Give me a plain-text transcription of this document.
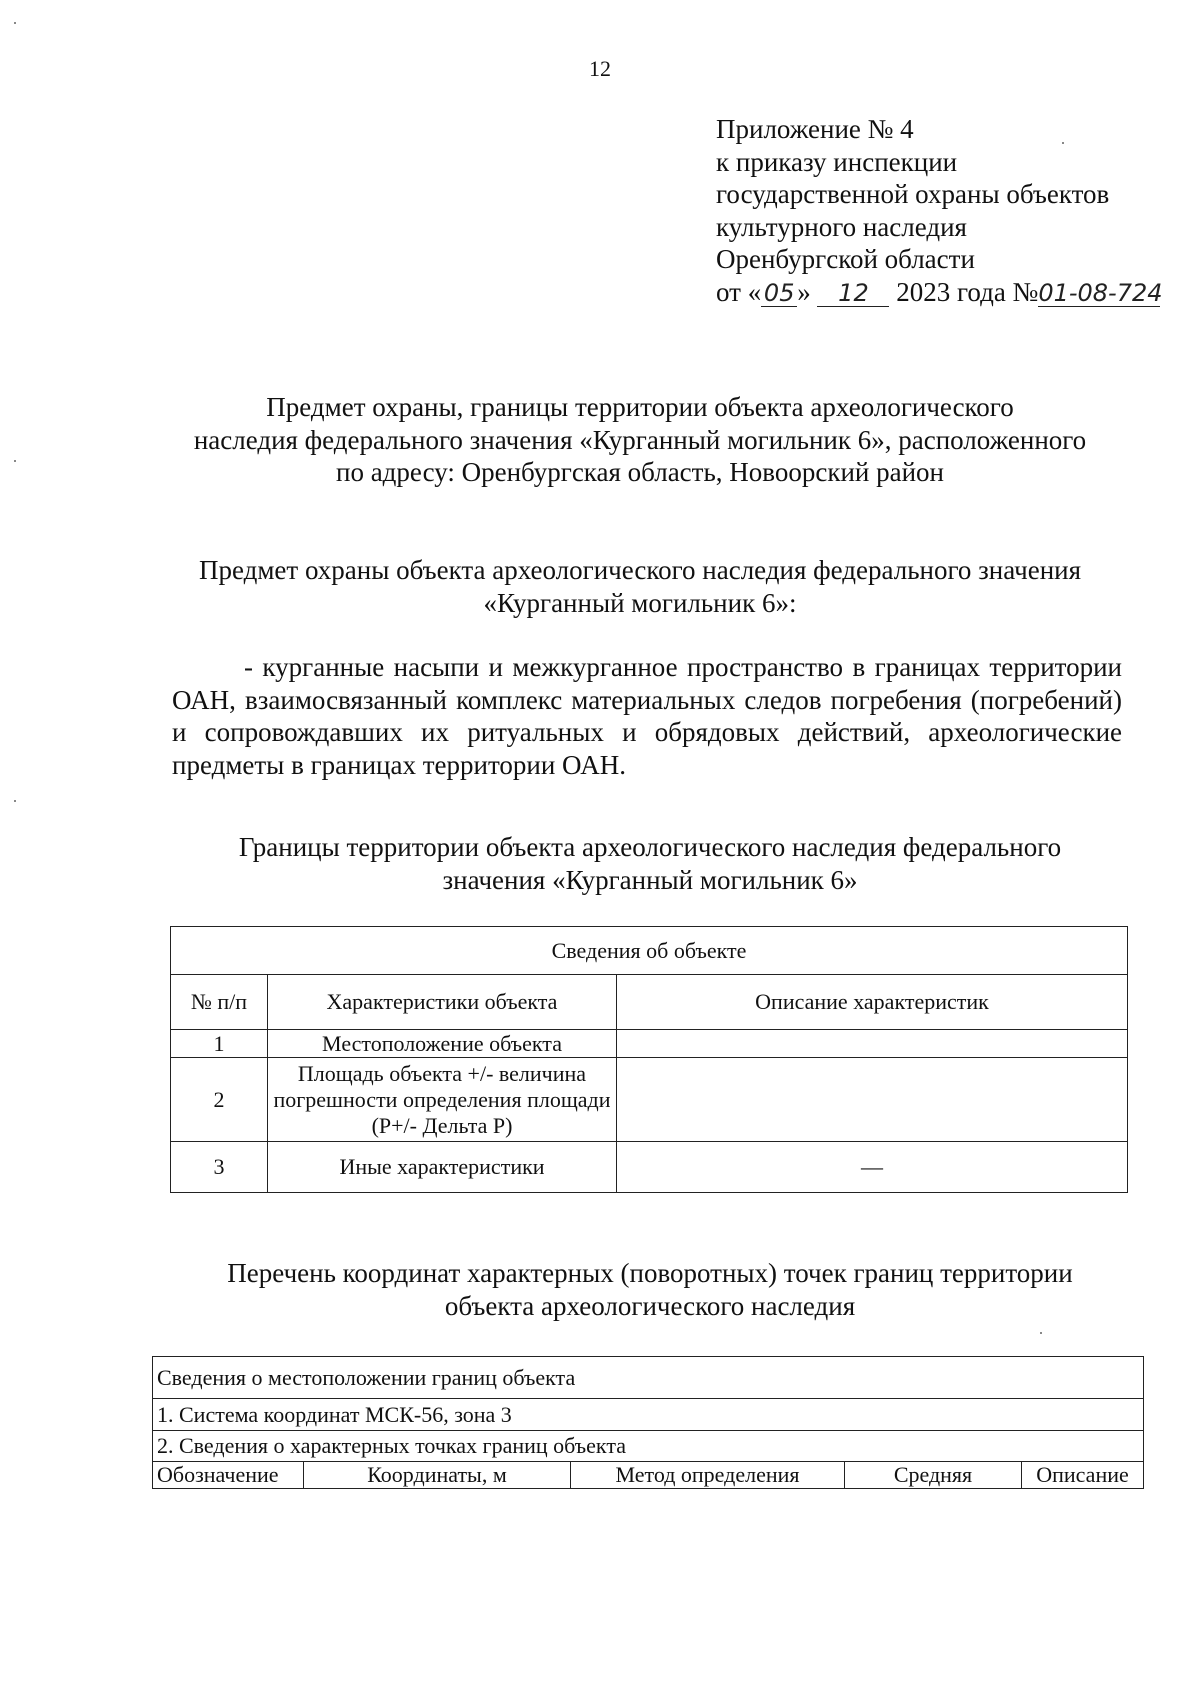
12
Приложение № 4
к приказу инспекции
государственной охраны объектов
культурного наследия
Оренбургской области
от « 05 » 12 2023 года №01-08-724
Предмет охраны, границы территории объекта археологического
наследия федерального значения «Курганный могильник 6», расположенного
по адресу: Оренбургская область, Новоорский район
Предмет охраны объекта археологического наследия федерального значения
«Курганный могильник 6»:
- курганные насыпи и межкурганное пространство в границах территории ОАН, взаимосвязанный комплекс материальных следов погребения (погребений) и сопровождавших их ритуальных и обрядовых действий, археологические предметы в границах территории ОАН.
Границы территории объекта археологического наследия федерального
значения «Курганный могильник 6»
Сведения об объекте		
№ п/п	Характеристики объекта	Описание характеристик
1	Местоположение объекта	
2	Площадь объекта +/- величина погрешности определения площади (Р+/- Дельта Р)	
3	Иные характеристики	—
Перечень координат характерных (поворотных) точек границ территории
объекта археологического наследия
Сведения о местоположении границ объекта
1. Система координат МСК-56, зона 3
2. Сведения о характерных точках границ объекта
Обозначение	Координаты, м	Метод определения	Средняя	Описание
